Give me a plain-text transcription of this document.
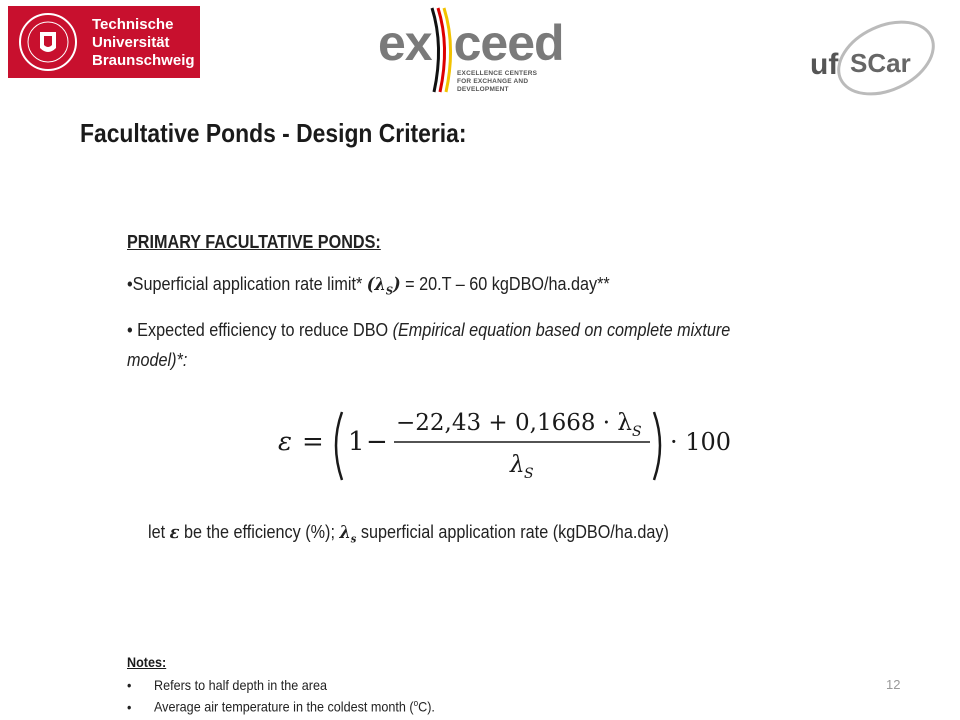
Technische
Universität
Braunschweig	ex ceed
EXCELLENCE CENTERS
FOR EXCHANGE AND DEVELOPMENT
uf SCar
Facultative Ponds - Design Criteria:
PRIMARY FACULTATIVE PONDS:
•Superficial application rate limit* $(\lambda_S) = 20.T - 60$ kgDBO/ha.day**
• Expected efficiency to reduce DBO (Empirical equation based on complete mixture
model)*:
ε = 1 −
−22,43 + 0,1668 · λ S
λ S
· 100
let ε be the efficiency (%); $\lambda_s$ superficial application rate (kgDBO/ha.day)
Notes:
• Refers to half depth in the area
• Average air temperature in the coldest month ($^o$C).
12
